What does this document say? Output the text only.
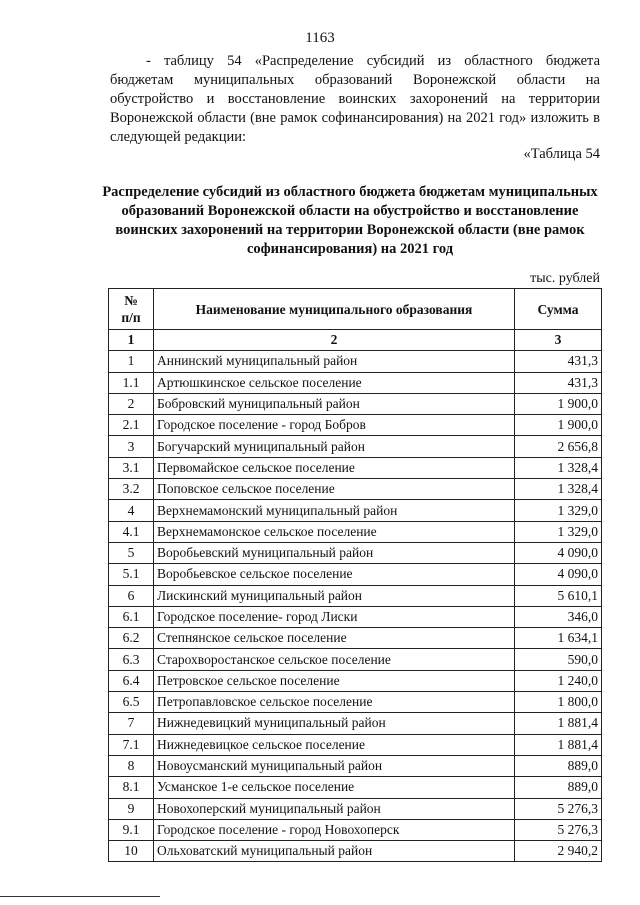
1163

- таблицу 54 «Распределение субсидий из областного бюджета бюджетам муниципальных образований Воронежской области на обустройство и восстановление воинских захоронений на территории Воронежской области (вне рамок софинансирования) на 2021 год» изложить в следующей редакции:

«Таблица 54
Распределение субсидий из областного бюджета бюджетам муниципальных образований Воронежской области на обустройство и восстановление воинских захоронений на территории Воронежской области (вне рамок софинансирования) на 2021 год
тыс. рублей
№
п/п	Наименование муниципального образования	Сумма
1	2	3
1	Аннинский муниципальный район	431,3
1.1	Артюшкинское сельское поселение	431,3
2	Бобровский муниципальный район	1 900,0
2.1	Городское поселение - город Бобров	1 900,0
3	Богучарский муниципальный район	2 656,8
3.1	Первомайское сельское поселение	1 328,4
3.2	Поповское сельское поселение	1 328,4
4	Верхнемамонский муниципальный район	1 329,0
4.1	Верхнемамонское сельское поселение	1 329,0
5	Воробьевский муниципальный район	4 090,0
5.1	Воробьевское сельское поселение	4 090,0
6	Лискинский муниципальный район	5 610,1
6.1	Городское поселение- город Лиски	346,0
6.2	Степнянское сельское поселение	1 634,1
6.3	Старохворостанское сельское поселение	590,0
6.4	Петровское сельское поселение	1 240,0
6.5	Петропавловское сельское поселение	1 800,0
7	Нижнедевицкий муниципальный район	1 881,4
7.1	Нижнедевицкое сельское поселение	1 881,4
8	Новоусманский муниципальный район	889,0
8.1	Усманское 1-е сельское поселение	889,0
9	Новохоперский муниципальный район	5 276,3
9.1	Городское поселение - город Новохоперск	5 276,3
10	Ольховатский муниципальный район	2 940,2
